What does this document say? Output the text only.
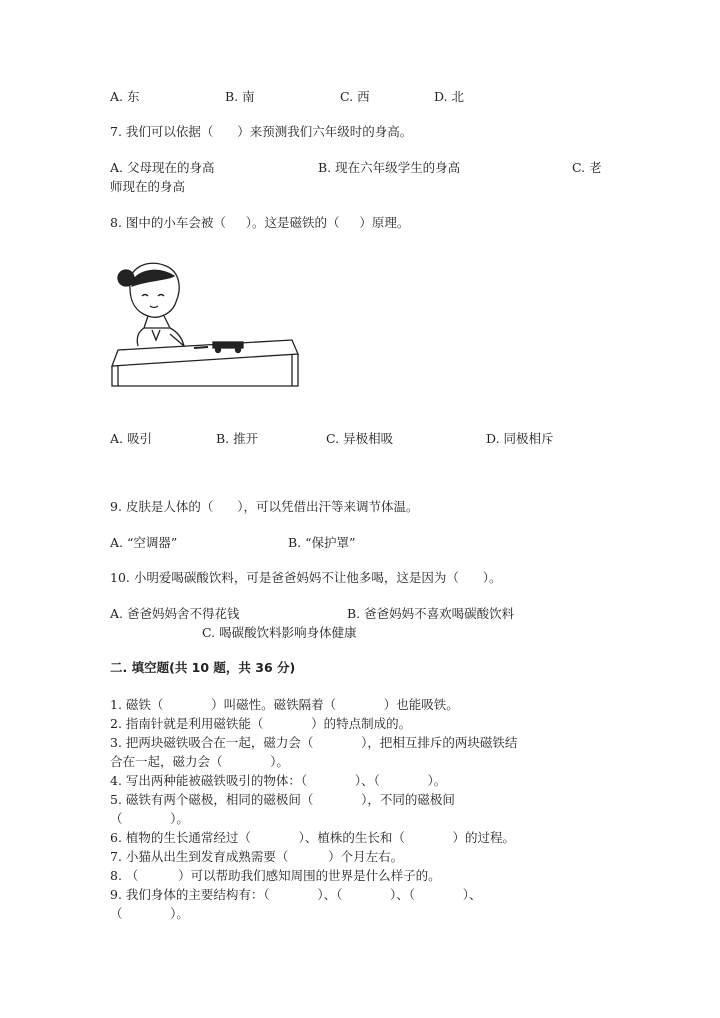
A. 东	B. 南	C. 西	D. 北
7. 我们可以依据（      ）来预测我们六年级时的身高。
A. 父母现在的身高	B. 现在六年级学生的身高	C. 老
师现在的身高
8. 图中的小车会被（     ）。这是磁铁的（     ）原理。
A. 吸引	B. 推开	C. 异极相吸	D. 同极相斥
9. 皮肤是人体的（      ），可以凭借出汗等来调节体温。
A. “空调器”	B. “保护罩”
10. 小明爱喝碳酸饮料，可是爸爸妈妈不让他多喝，这是因为（      ）。
A. 爸爸妈妈舍不得花钱	B. 爸爸妈妈不喜欢喝碳酸饮料
C. 喝碳酸饮料影响身体健康
二. 填空题(共 10 题，共 36 分)
1. 磁铁（            ）叫磁性。磁铁隔着（            ）也能吸铁。
2. 指南针就是利用磁铁能（            ）的特点制成的。
3. 把两块磁铁吸合在一起，磁力会（            ），把相互排斥的两块磁铁结
合在一起，磁力会（            ）。
4. 写出两种能被磁铁吸引的物体：（            ）、（            ）。
5. 磁铁有两个磁极，相同的磁极间（            ），不同的磁极间
（            ）。
6. 植物的生长通常经过（            ）、植株的生长和（            ）的过程。
7. 小猫从出生到发育成熟需要（          ）个月左右。
8. （          ）可以帮助我们感知周围的世界是什么样子的。
9. 我们身体的主要结构有：（            ）、（            ）、（            ）、
（            ）。
